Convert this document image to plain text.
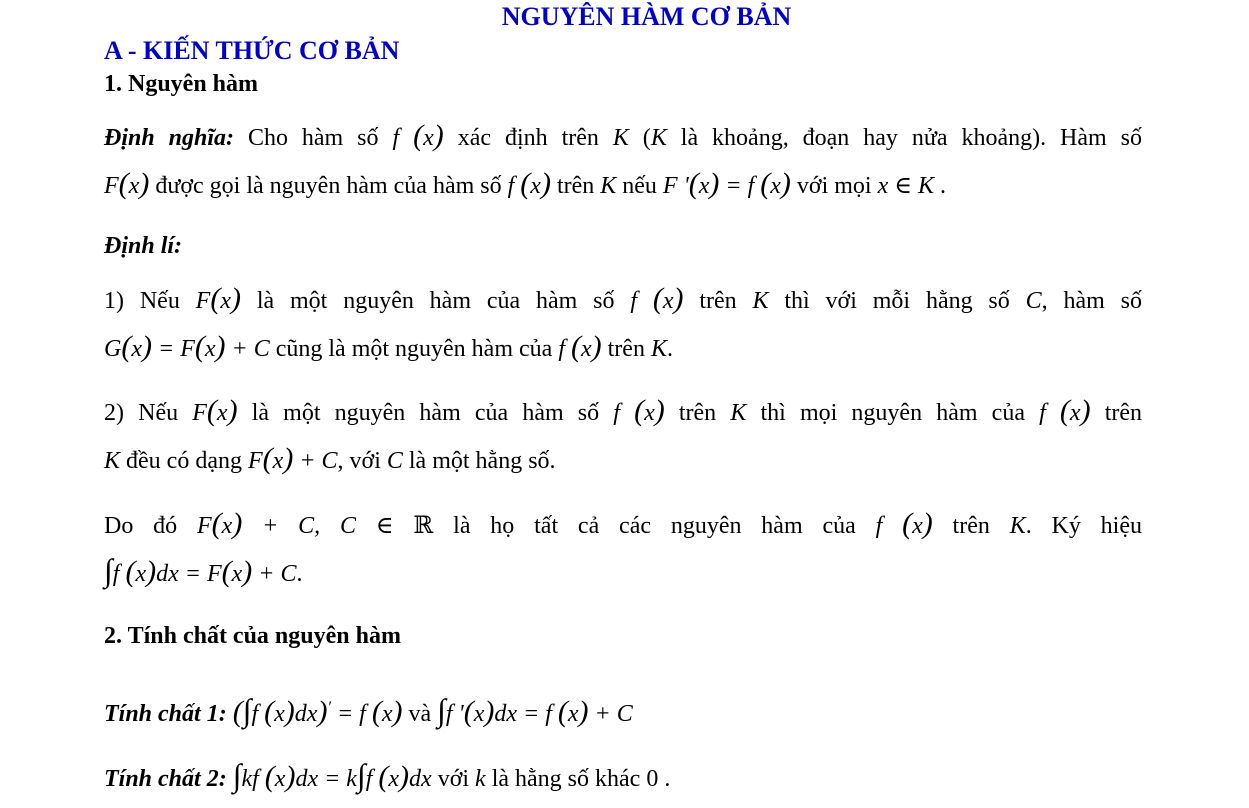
NGUYÊN HÀM CƠ BẢN
A - KIẾN THỨC CƠ BẢN
1. Nguyên hàm
Định nghĩa: Cho hàm số f (x) xác định trên K (K là khoảng, đoạn hay nửa khoảng). Hàm số
F(x) được gọi là nguyên hàm của hàm số f (x) trên K nếu F '(x) = f (x) với mọi x ∈ K .
Định lí:
1) Nếu F(x) là một nguyên hàm của hàm số f (x) trên K thì với mỗi hằng số C, hàm số
G(x) = F(x) + C cũng là một nguyên hàm của f (x) trên K.
2) Nếu F(x) là một nguyên hàm của hàm số f (x) trên K thì mọi nguyên hàm của f (x) trên
K đều có dạng F(x) + C, với C là một hằng số.
Do đó F(x) + C, C ∈ ℝ là họ tất cả các nguyên hàm của f (x) trên K. Ký hiệu
∫f (x)dx = F(x) + C.
2. Tính chất của nguyên hàm
Tính chất 1: (∫f (x)dx)′ = f (x) và ∫f '(x)dx = f (x) + C
Tính chất 2: ∫kf (x)dx = k∫f (x)dx với k là hằng số khác 0 .
